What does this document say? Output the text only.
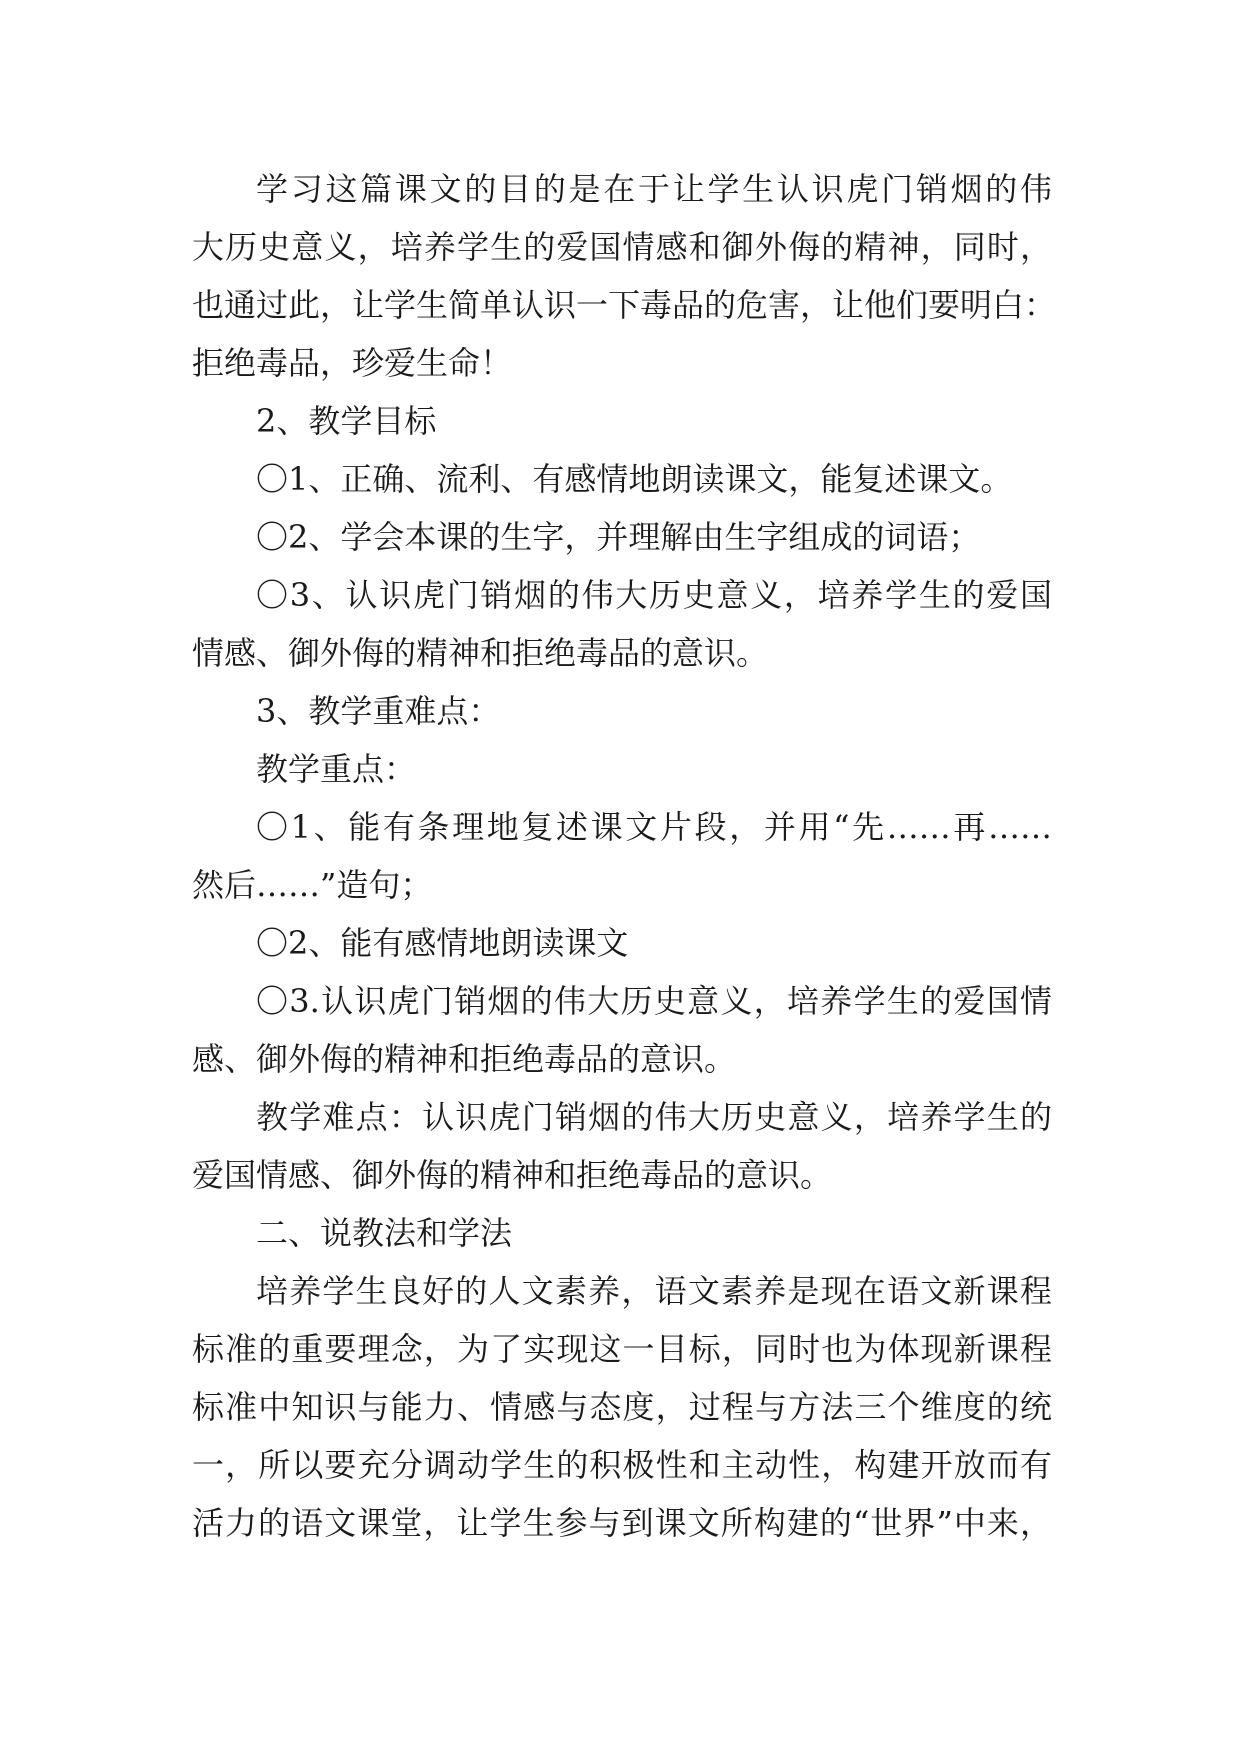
学习这篇课文的目的是在于让学生认识虎门销烟的伟
大历史意义，培养学生的爱国情感和御外侮的精神，同时，
也通过此，让学生简单认识一下毒品的危害，让他们要明白：
拒绝毒品，珍爱生命！
2、教学目标
〇1、正确、流利、有感情地朗读课文，能复述课文。
〇2、学会本课的生字，并理解由生字组成的词语；
〇3、认识虎门销烟的伟大历史意义，培养学生的爱国
情感、御外侮的精神和拒绝毒品的意识。
3、教学重难点：
教学重点：
〇1、能有条理地复述课文片段，并用“先……再……
然后……”造句；
〇2、能有感情地朗读课文
〇3.认识虎门销烟的伟大历史意义，培养学生的爱国情
感、御外侮的精神和拒绝毒品的意识。
教学难点：认识虎门销烟的伟大历史意义，培养学生的
爱国情感、御外侮的精神和拒绝毒品的意识。
二、说教法和学法
培养学生良好的人文素养，语文素养是现在语文新课程
标准的重要理念，为了实现这一目标，同时也为体现新课程
标准中知识与能力、情感与态度，过程与方法三个维度的统
一，所以要充分调动学生的积极性和主动性，构建开放而有
活力的语文课堂，让学生参与到课文所构建的“世界”中来，
